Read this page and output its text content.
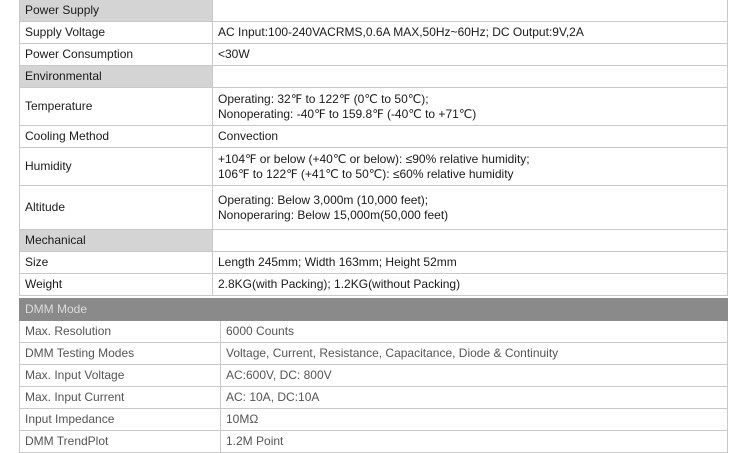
Power Supply	
Supply Voltage	AC Input:100-240VACRMS,0.6A MAX,50Hz~60Hz; DC Output:9V,2A

Power Consumption	<30W

Environmental	
Temperature	Operating: 32℉ to 122℉ (0℃ to 50℃);
Nonoperating: -40℉ to 159.8℉ (-40℃ to +71℃)

Cooling Method	Convection

Humidity	+104℉ or below (+40℃ or below): ≤90% relative humidity;
106℉ to 122℉ (+41℃ to 50℃): ≤60% relative humidity

Altitude	Operating: Below 3,000m (10,000 feet);
Nonoperaring: Below 15,000m(50,000 feet)

Mechanical	
Size	Length 245mm; Width 163mm; Height 52mm

Weight	2.8KG(with Packing); 1.2KG(without Packing)
DMM Mode	
Max. Resolution	6000 Counts
DMM Testing Modes	Voltage, Current, Resistance, Capacitance, Diode & Continuity
Max. Input Voltage	AC:600V, DC: 800V
Max. Input Current	AC: 10A, DC:10A
Input Impedance	10MΩ
DMM TrendPlot	1.2M Point
